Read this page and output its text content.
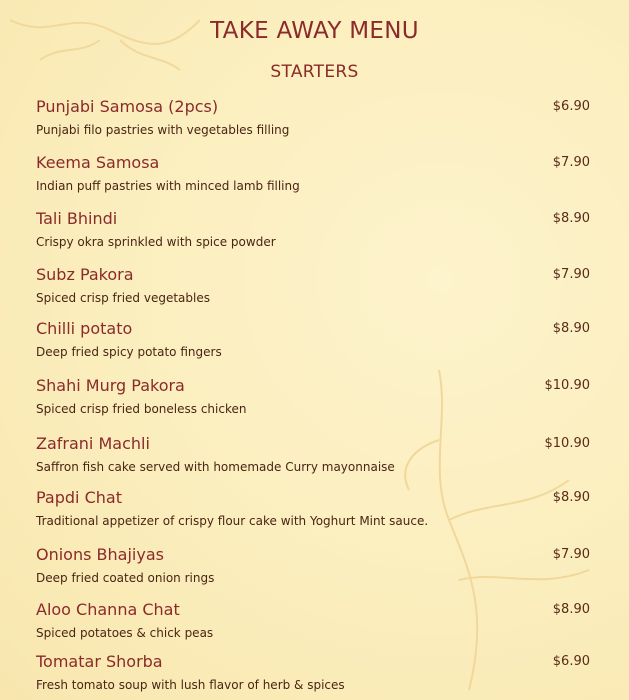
TAKE AWAY MENU
STARTERS
Punjabi Samosa (2pcs)
Punjabi filo pastries with vegetables filling
$6.90
Keema Samosa
Indian puff pastries with minced lamb filling
$7.90
Tali Bhindi
Crispy okra sprinkled with spice powder
$8.90
Subz Pakora
Spiced crisp fried vegetables
$7.90
Chilli potato
Deep fried spicy potato fingers
$8.90
Shahi Murg Pakora
Spiced crisp fried boneless chicken
$10.90
Zafrani Machli
Saffron fish cake served with homemade Curry mayonnaise
$10.90
Papdi Chat
Traditional appetizer of crispy flour cake with Yoghurt Mint sauce.
$8.90
Onions Bhajiyas
Deep fried coated onion rings
$7.90
Aloo Channa Chat
Spiced potatoes & chick peas
$8.90
Tomatar Shorba
Fresh tomato soup with lush flavor of herb & spices
$6.90
